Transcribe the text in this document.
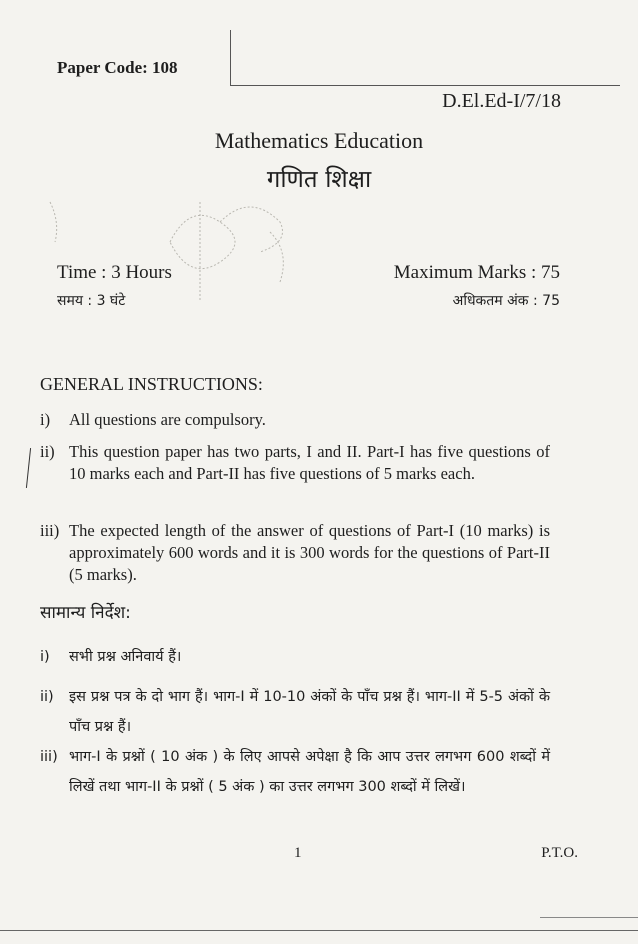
Paper Code: 108
D.El.Ed-I/7/18
Mathematics Education
गणित शिक्षा
Time : 3 Hours
समय : 3 घंटे
Maximum Marks : 75
अधिकतम अंक : 75
GENERAL INSTRUCTIONS:
i) All questions are compulsory.
ii) This question paper has two parts, I and II. Part-I has five questions of 10 marks each and Part-II has five questions of 5 marks each.
iii) The expected length of the answer of questions of Part-I (10 marks) is approximately 600 words and it is 300 words for the questions of Part-II (5 marks).
सामान्य निर्देश:
i) सभी प्रश्न अनिवार्य हैं।
ii) इस प्रश्न पत्र के दो भाग हैं। भाग-I में 10-10 अंकों के पाँच प्रश्न हैं। भाग-II में 5-5 अंकों के पाँच प्रश्न हैं।
iii) भाग-I के प्रश्नों ( 10 अंक ) के लिए आपसे अपेक्षा है कि आप उत्तर लगभग 600 शब्दों में लिखें तथा भाग-II के प्रश्नों ( 5 अंक ) का उत्तर लगभग 300 शब्दों में लिखें।
1	P.T.O.
